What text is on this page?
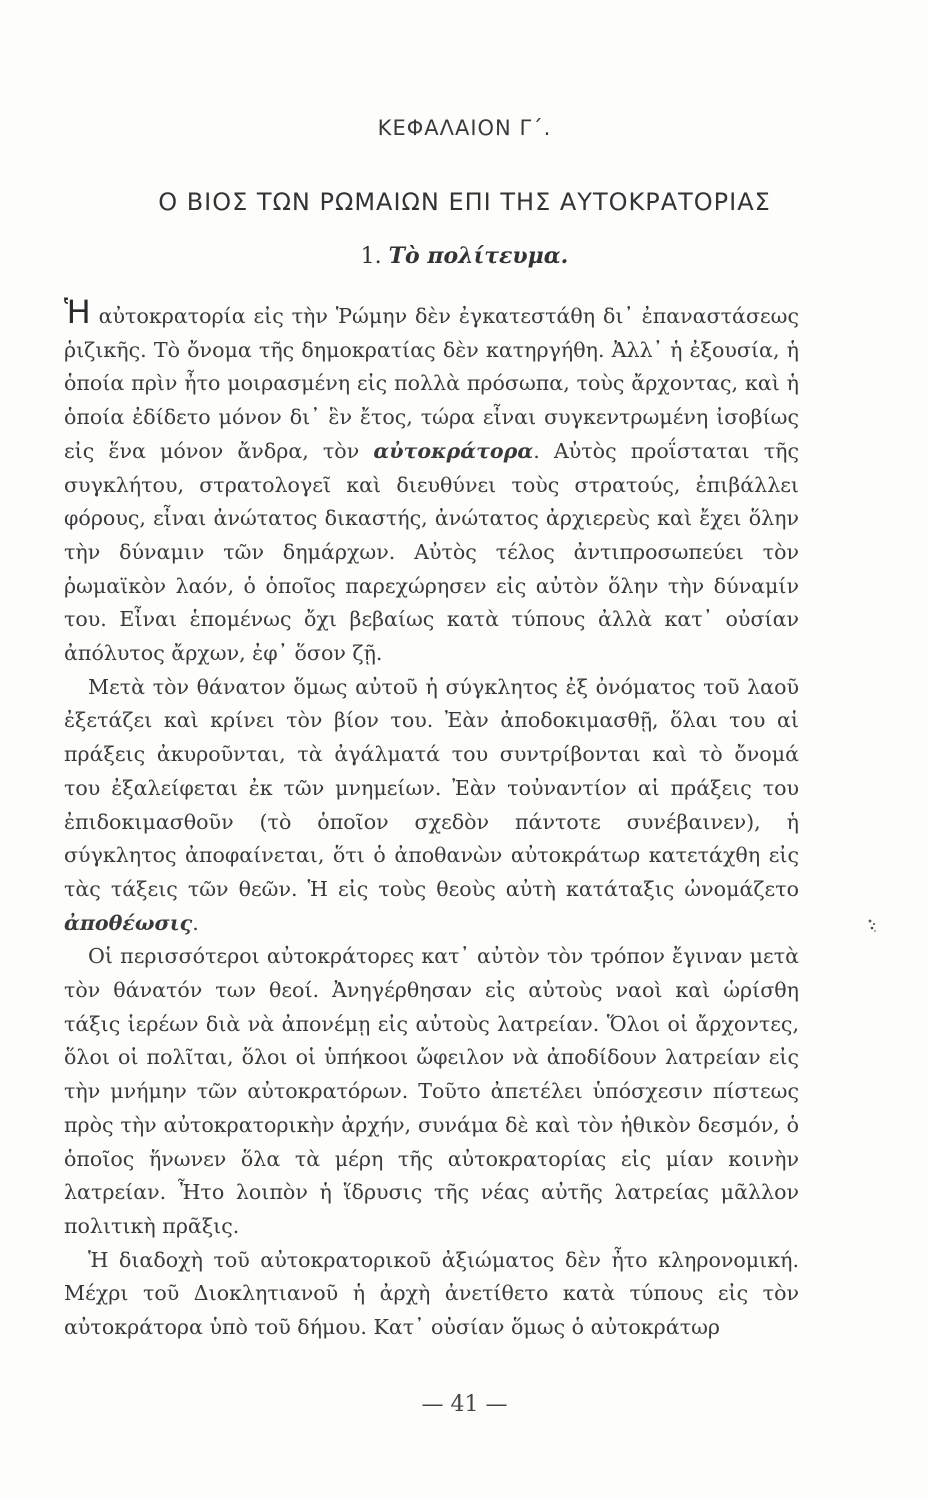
ΚΕΦΑΛΑΙΟΝ Γ΄.
Ο ΒΙΟΣ ΤΩΝ ΡΩΜΑΙΩΝ ΕΠΙ ΤΗΣ ΑΥΤΟΚΡΑΤΟΡΙΑΣ
1. Τὸ πολίτευμα.

Ἡ αὐτοκρατορία εἰς τὴν Ῥώμην δὲν ἐγκατεστάθη δι᾽ ἐπαναστάσεως ῥιζικῆς. Τὸ ὄνομα τῆς δημοκρατίας δὲν κατηργήθη. Ἀλλ᾽ ἡ ἐξουσία, ἡ ὁποία πρὶν ἦτο μοιρασμένη εἰς πολλὰ πρόσωπα, τοὺς ἄρχοντας, καὶ ἡ ὁποία ἐδίδετο μόνον δι᾽ ἓν ἔτος, τώρα εἶναι συγκεντρωμένη ἰσοβίως εἰς ἕνα μόνον ἄνδρα, τὸν αὐτοκράτορα. Αὐτὸς προΐσταται τῆς συγκλήτου, στρατολογεῖ καὶ διευθύνει τοὺς στρατούς, ἐπιβάλλει φόρους, εἶναι ἀνώτατος δικαστής, ἀνώτατος ἀρχιερεὺς καὶ ἔχει ὅλην τὴν δύναμιν τῶν δημάρχων. Αὐτὸς τέλος ἀντιπροσωπεύει τὸν ῥωμαϊκὸν λαόν, ὁ ὁποῖος παρεχώρησεν εἰς αὐτὸν ὅλην τὴν δύναμίν του. Εἶναι ἑπομένως ὄχι βεβαίως κατὰ τύπους ἀλλὰ κατ᾽ οὐσίαν ἀπόλυτος ἄρχων, ἐφ᾽ ὅσον ζῇ.

Μετὰ τὸν θάνατον ὅμως αὐτοῦ ἡ σύγκλητος ἐξ ὀνόματος τοῦ λαοῦ ἐξετάζει καὶ κρίνει τὸν βίον του. Ἐὰν ἀποδοκιμασθῇ, ὅλαι του αἱ πράξεις ἀκυροῦνται, τὰ ἀγάλματά του συντρίβονται καὶ τὸ ὄνομά του ἐξαλείφεται ἐκ τῶν μνημείων. Ἐὰν τοὐναντίον αἱ πράξεις του ἐπιδοκιμασθοῦν (τὸ ὁποῖον σχεδὸν πάντοτε συνέβαινεν), ἡ σύγκλητος ἀποφαίνεται, ὅτι ὁ ἀποθανὼν αὐτοκράτωρ κατετάχθη εἰς τὰς τάξεις τῶν θεῶν. Ἡ εἰς τοὺς θεοὺς αὐτὴ κατάταξις ὠνομάζετο ἀποθέωσις.

Οἱ περισσότεροι αὐτοκράτορες κατ᾽ αὐτὸν τὸν τρόπον ἔγιναν μετὰ τὸν θάνατόν των θεοί. Ἀνηγέρθησαν εἰς αὐτοὺς ναοὶ καὶ ὡρίσθη τάξις ἱερέων διὰ νὰ ἀπονέμῃ εἰς αὐτοὺς λατρείαν. Ὅλοι οἱ ἄρχοντες, ὅλοι οἱ πολῖται, ὅλοι οἱ ὑπήκοοι ὤφειλον νὰ ἀποδίδουν λατρείαν εἰς τὴν μνήμην τῶν αὐτοκρατόρων. Τοῦτο ἀπετέλει ὑπόσχεσιν πίστεως πρὸς τὴν αὐτοκρατορικὴν ἀρχήν, συνάμα δὲ καὶ τὸν ἠθικὸν δεσμόν, ὁ ὁποῖος ἥνωνεν ὅλα τὰ μέρη τῆς αὐτοκρατορίας εἰς μίαν κοινὴν λατρείαν. Ἦτο λοιπὸν ἡ ἵδρυσις τῆς νέας αὐτῆς λατρείας μᾶλλον πολιτικὴ πρᾶξις.

Ἡ διαδοχὴ τοῦ αὐτοκρατορικοῦ ἀξιώματος δὲν ἦτο κληρονομική. Μέχρι τοῦ Διοκλητιανοῦ ἡ ἀρχὴ ἀνετίθετο κατὰ τύπους εἰς τὸν αὐτοκράτορα ὑπὸ τοῦ δήμου. Κατ᾽ οὐσίαν ὅμως ὁ αὐτοκράτωρ

— 41 —
